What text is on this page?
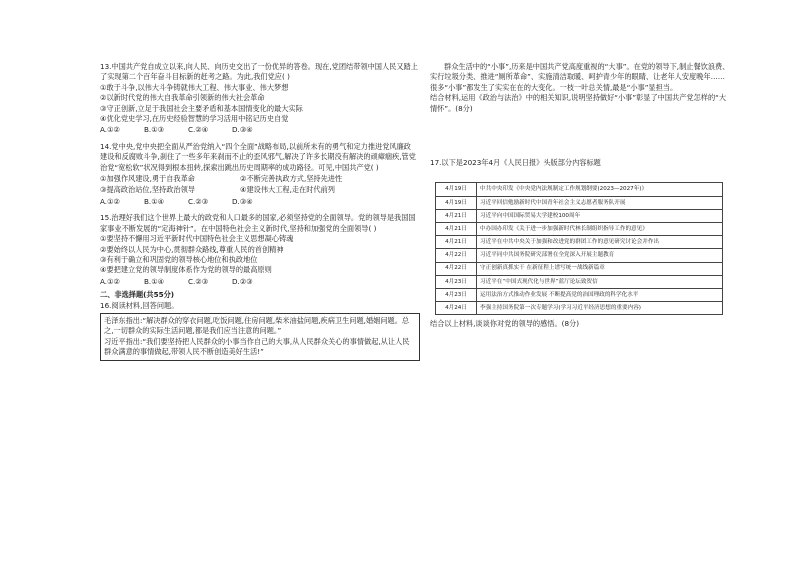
13.中国共产党自成立以来,向人民、向历史交出了一份优异的答卷。现在,党团结带领中国人民又踏上了实现第二个百年奋斗目标新的赶考之路。为此,我们党应( )

①敢于斗争,以伟大斗争铸就伟大工程、伟大事业、伟大梦想

②以新时代党的伟大自我革命引领新的伟大社会革命

③守正创新,立足于我国社会主要矛盾和基本国情变化的最大实际

④优化党史学习,在历史经验智慧的学习活用中铭记历史自觉

A.①②	B.①③	C.②④	D.③④

14.党中央,党中央把全面从严治党纳入“四个全面”战略布局,以前所未有的勇气和定力推进党风廉政建设和反腐败斗争,刹住了一些多年来刹而不止的歪风邪气,解决了许多长期没有解决的顽瘴痼疾,管党治党“宽松软”状况得到根本扭转,探索出跳出历史周期率的成功路径。可见,中国共产党( )

①加强作风建设,勇于自我革命	②不断完善执政方式,坚持先进性
③提高政治站位,坚持政治领导	④建设伟大工程,走在时代前列
A.①②	B.①④	C.②③	D.③④

15.治理好我们这个世界上最大的政党和人口最多的国家,必须坚持党的全面领导。党的领导是我国国家事业不断发展的“定海神针”。在中国特色社会主义新时代,坚持和加强党的全面领导( )

①要坚持不懈用习近平新时代中国特色社会主义思想凝心铸魂

②要始终以人民为中心,贯彻群众路线,尊重人民的首创精神

③有利于确立和巩固党的领导核心地位和执政地位

④要把建立党的领导制度体系作为党的领导的最高原则

A.①②	B.①④	C.②③	D.②③

二、非选择题(共55分)

16.阅读材料,回答问题。

毛泽东指出:“解决群众的穿衣问题,吃饭问题,住房问题,柴米油盐问题,疾病卫生问题,婚姻问题。总之,一切群众的实际生活问题,都是我们应当注意的问题。”

习近平指出:“我们要坚持把人民群众的小事当作自己的大事,从人民群众关心的事情做起,从让人民群众满意的事情做起,带领人民不断创造美好生活!”

群众生活中的“小事”,历来是中国共产党高度重视的“大事”。在党的领导下,制止餐饮浪费、实行垃圾分类、推进“厕所革命”、实施清洁取暖、呵护青少年的眼睛、让老年人安度晚年……很多“小事”都发生了实实在在的大变化。一枝一叶总关情,最是“小事”显担当。

结合材料,运用《政治与法治》中的相关知识,说明坚持做好“小事”彰显了中国共产党怎样的“大情怀”。(8分)

17.以下是2023年4月《人民日报》头版部分内容标题

4月19日	中共中央印发《中央党内法规制定工作规划纲要(2023—2027年)》
4月19日	习近平回信勉励新时代中国青年社会主义志愿者服务队开展
4月21日	习近平向中国国际贸易大学建校100周年
4月21日	中办国办印发《关于进一步加强新时代林长制组织指导工作的意见》
4月21日	习近平在中共中央关于加强和改进党的群团工作的意见研究讨论会并作出
4月22日	习近平同中共国务院研究部署在全党深入开展主题教育
4月22日	守正创新真抓实干 在新征程上谱写统一战线新篇章
4月23日	习近平在“中国式现代化与世界”蓝厅论坛致贺信
4月23日	运用法治方式推动作业发展 不断提高党的治国理政的科学化水平
4月24日	李强主持国务院第一次专题学习(学习习近平经济思想的重要内容)

结合以上材料,谈谈你对党的领导的感悟。(8分)
